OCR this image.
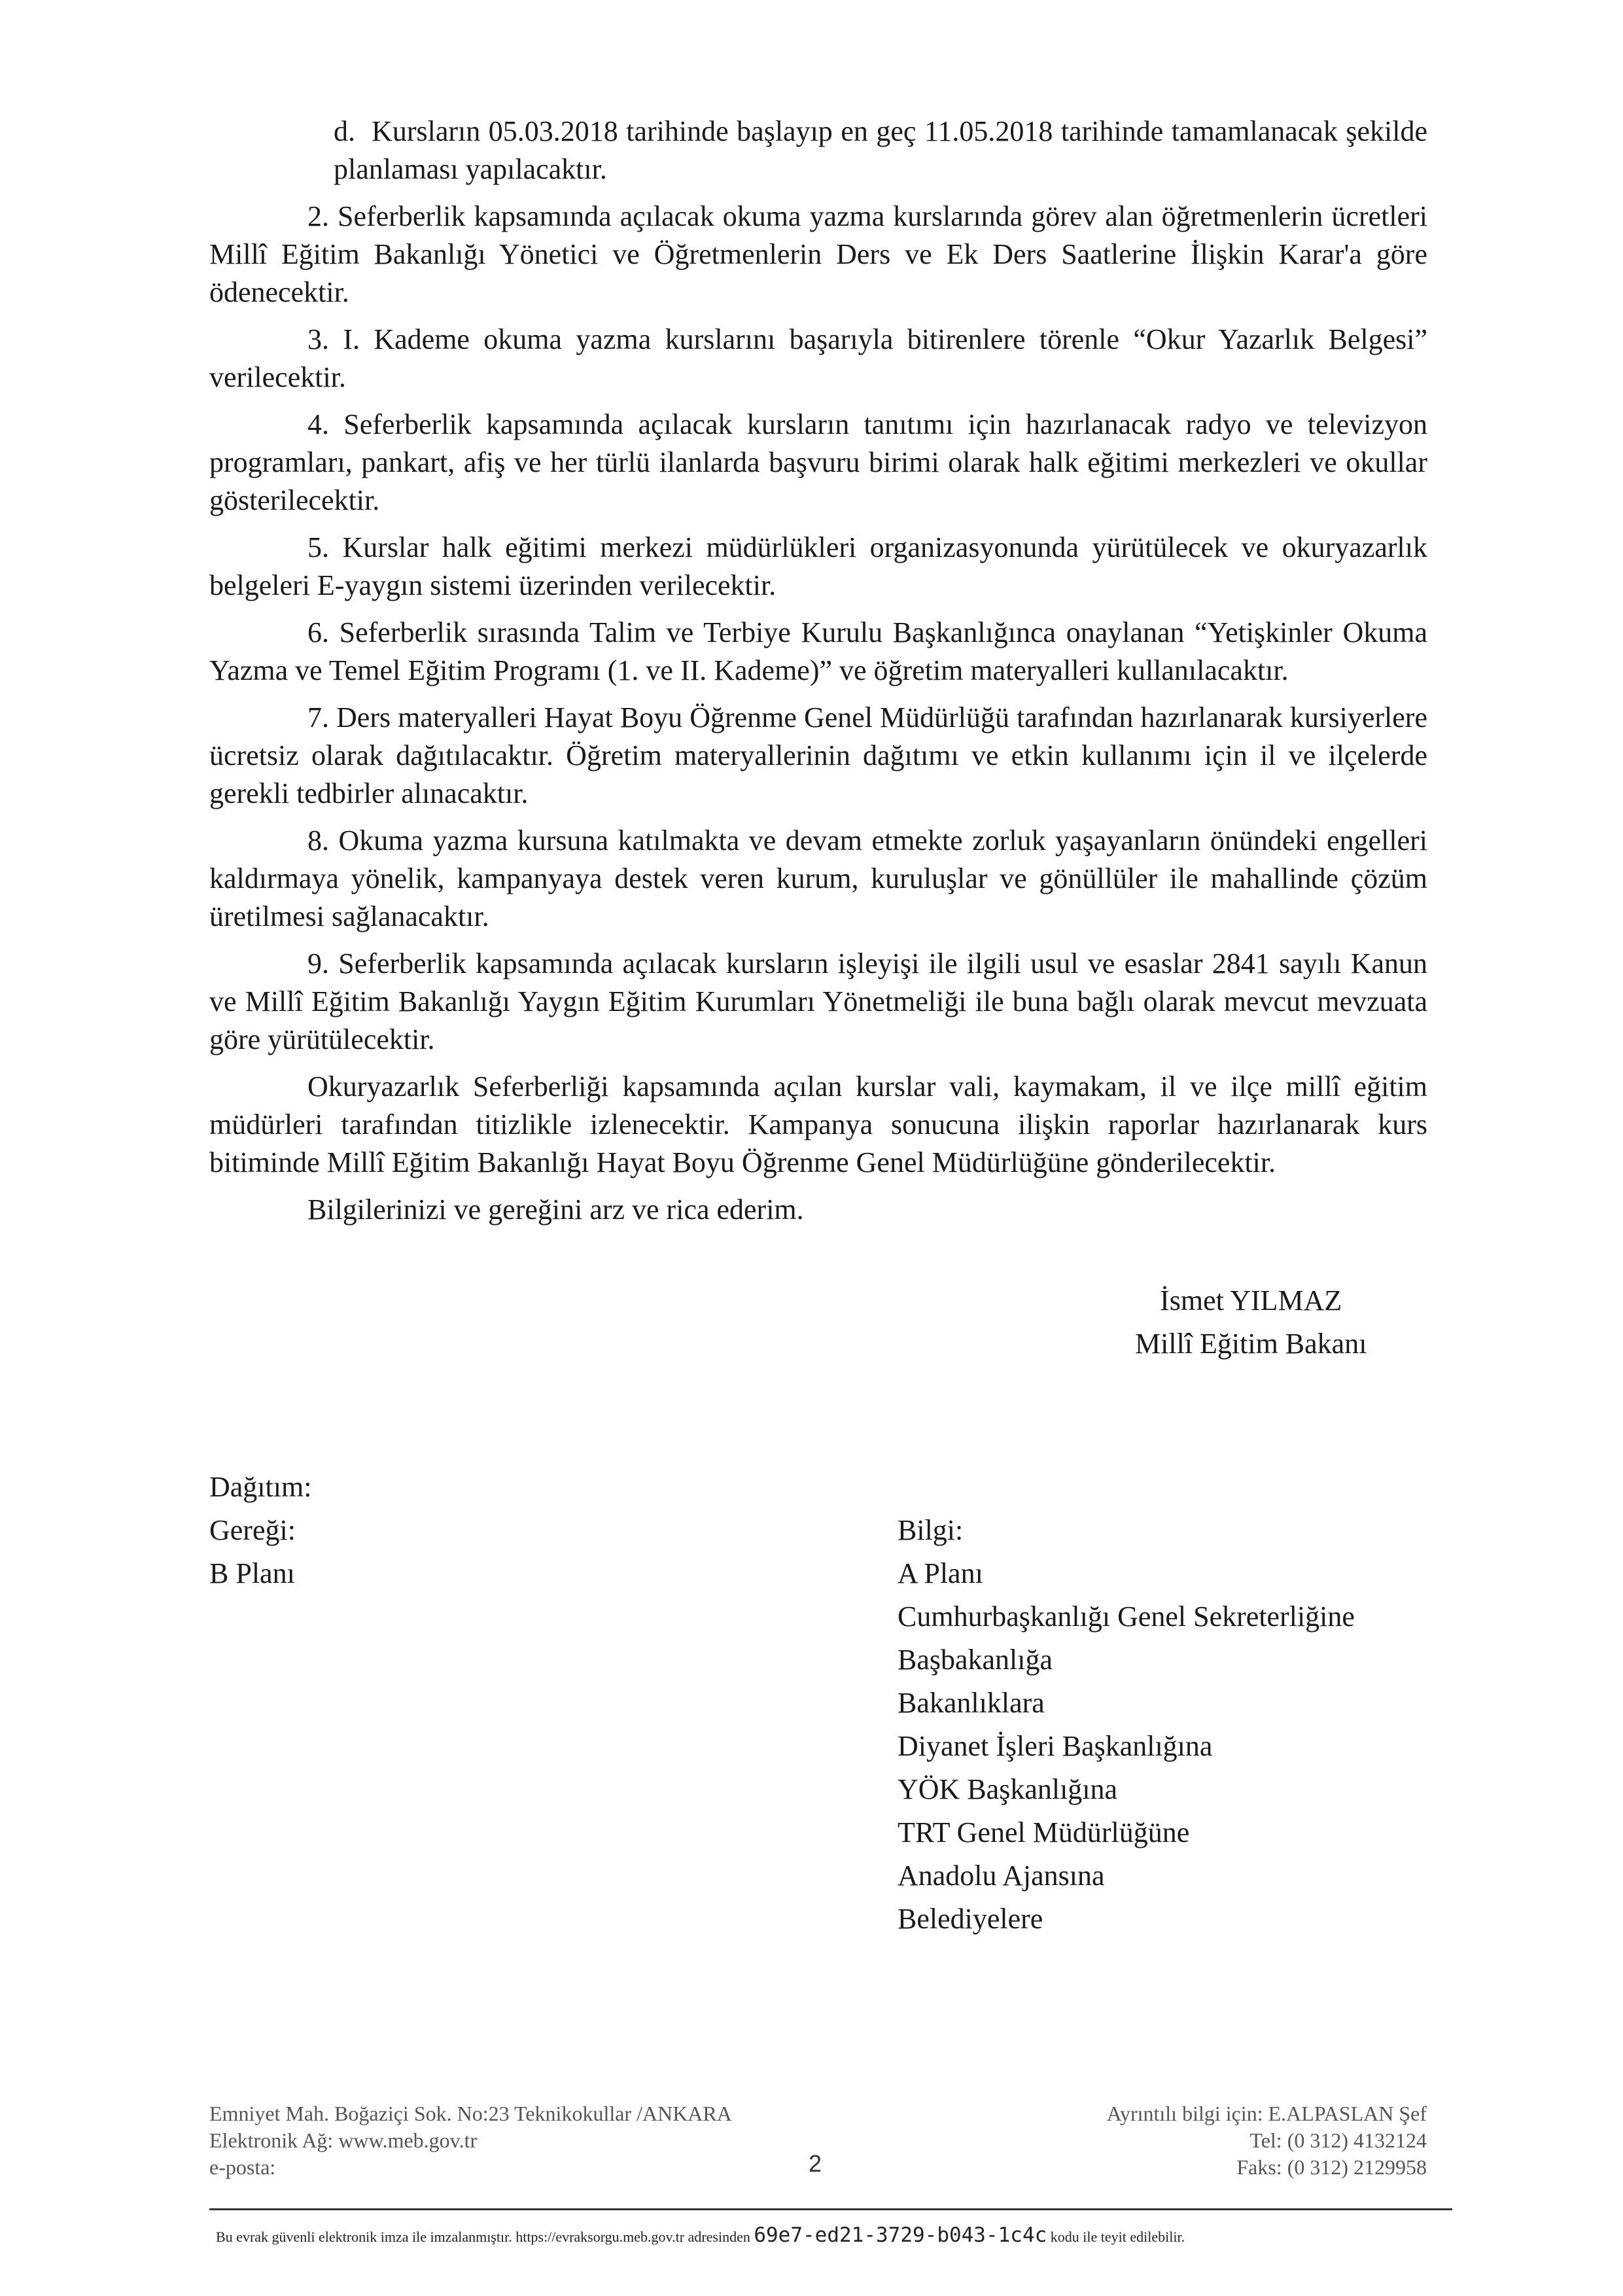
d.  Kursların 05.03.2018 tarihinde başlayıp en geç 11.05.2018 tarihinde tamamlanacak şekilde planlaması yapılacaktır.

2. Seferberlik kapsamında açılacak okuma yazma kurslarında görev alan öğretmenlerin ücretleri Millî Eğitim Bakanlığı Yönetici ve Öğretmenlerin Ders ve Ek Ders Saatlerine İlişkin Karar'a göre ödenecektir.

3. I. Kademe okuma yazma kurslarını başarıyla bitirenlere törenle “Okur Yazarlık Belgesi” verilecektir.

4. Seferberlik kapsamında açılacak kursların tanıtımı için hazırlanacak radyo ve televizyon programları, pankart, afiş ve her türlü ilanlarda başvuru birimi olarak halk eğitimi merkezleri ve okullar gösterilecektir.

5. Kurslar halk eğitimi merkezi müdürlükleri organizasyonunda yürütülecek ve okuryazarlık belgeleri E-yaygın sistemi üzerinden verilecektir.

6. Seferberlik sırasında Talim ve Terbiye Kurulu Başkanlığınca onaylanan “Yetişkinler Okuma Yazma ve Temel Eğitim Programı (1. ve II. Kademe)” ve öğretim materyalleri kullanılacaktır.

7. Ders materyalleri Hayat Boyu Öğrenme Genel Müdürlüğü tarafından hazırlanarak kursiyerlere ücretsiz olarak dağıtılacaktır. Öğretim materyallerinin dağıtımı ve etkin kullanımı için il ve ilçelerde gerekli tedbirler alınacaktır.

8. Okuma yazma kursuna katılmakta ve devam etmekte zorluk yaşayanların önündeki engelleri kaldırmaya yönelik, kampanyaya destek veren kurum, kuruluşlar ve gönüllüler ile mahallinde çözüm üretilmesi sağlanacaktır.

9. Seferberlik kapsamında açılacak kursların işleyişi ile ilgili usul ve esaslar 2841 sayılı Kanun ve Millî Eğitim Bakanlığı Yaygın Eğitim Kurumları Yönetmeliği ile buna bağlı olarak mevcut mevzuata göre yürütülecektir.

Okuryazarlık Seferberliği kapsamında açılan kurslar vali, kaymakam, il ve ilçe millî eğitim müdürleri tarafından titizlikle izlenecektir. Kampanya sonucuna ilişkin raporlar hazırlanarak kurs bitiminde Millî Eğitim Bakanlığı Hayat Boyu Öğrenme Genel Müdürlüğüne gönderilecektir.

Bilgilerinizi ve gereğini arz ve rica ederim.

İsmet YILMAZ
Millî Eğitim Bakanı
Dağıtım:
Gereği:
B Planı
Bilgi:
A Planı
Cumhurbaşkanlığı Genel Sekreterliğine
Başbakanlığa
Bakanlıklara
Diyanet İşleri Başkanlığına
YÖK Başkanlığına
TRT Genel Müdürlüğüne
Anadolu Ajansına
Belediyelere
Emniyet Mah. Boğaziçi Sok. No:23 Teknikokullar /ANKARA
Elektronik Ağ: www.meb.gov.tr
e-posta:	2
Ayrıntılı bilgi için: E.ALPASLAN Şef
Tel: (0 312) 4132124
Faks: (0 312) 2129958
Bu evrak güvenli elektronik imza ile imzalanmıştır. https://evraksorgu.meb.gov.tr adresinden 69e7-ed21-3729-b043-1c4c kodu ile teyit edilebilir.
